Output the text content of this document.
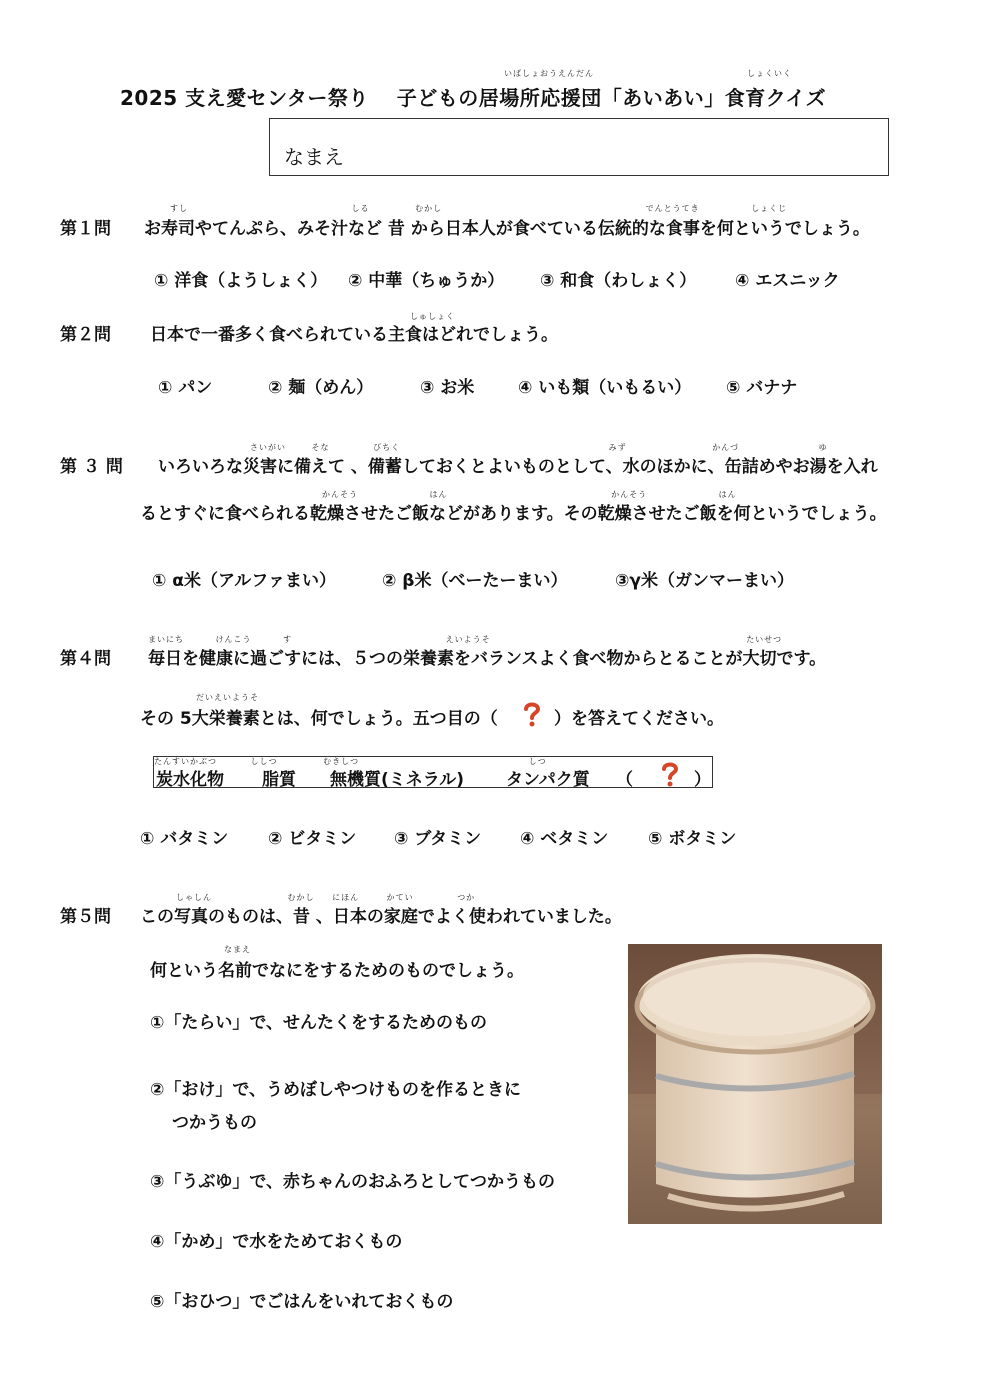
いばしょおうえんだん	しょくいく
2025 支え愛センター祭り　 子どもの居場所応援団「あいあい」食育クイズ
なまえ
すし	しる	むかし	でんとうてき	しょくじ
第１問 お寿司やてんぷら、みそ汁など 昔 から日本人が食べている伝統的な食事を何というでしょう。
① 洋食（ようしょく） ② 中華（ちゅうか） ③ 和食（わしょく） ④ エスニック
しゅしょく
第２問 日本で一番多く食べられている主食はどれでしょう。
① パン	② 麺（めん）	③ お米	④ いも類（いもるい） ⑤ バナナ
さいがい	そな	びちく	みず	かんづ	ゆ
第 ３ 問 いろいろな災害に備えて 、備蓄しておくとよいものとして、水のほかに、缶詰めやお湯を入れ
かんそう	はん	かんそう	はん
るとすぐに食べられる乾燥させたご飯などがあります。その乾燥させたご飯を何というでしょう。
① α米（アルファまい）	② β米（べーたーまい）	③γ米（ガンマーまい）
まいにち	けんこう	す	えいようそ	たいせつ
第４問 毎日を健康に過ごすには、５つの栄養素をバランスよく食べ物からとることが大切です。
だいえいようそ
その 5大栄養素とは、何でしょう。五つ目の（	）を答えてください。
たんすいかぶつ	ししつ	むきしつ	しつ
炭水化物 脂質 無機質(ミネラル) タンパク質 （	）
① バタミン ② ビタミン ③ ブタミン ④ ベタミン ⑤ ボタミン
しゃしん	むかし にほん	かてい	つか
第５問 この写真のものは、昔 、日本の家庭でよく使われていました。
なまえ
何という名前でなにをするためのものでしょう。
①「たらい」で、せんたくをするためのもの
②「おけ」で、うめぼしやつけものを作るときに
つかうもの
③「うぶゆ」で、赤ちゃんのおふろとしてつかうもの
④「かめ」で水をためておくもの
⑤「おひつ」でごはんをいれておくもの
